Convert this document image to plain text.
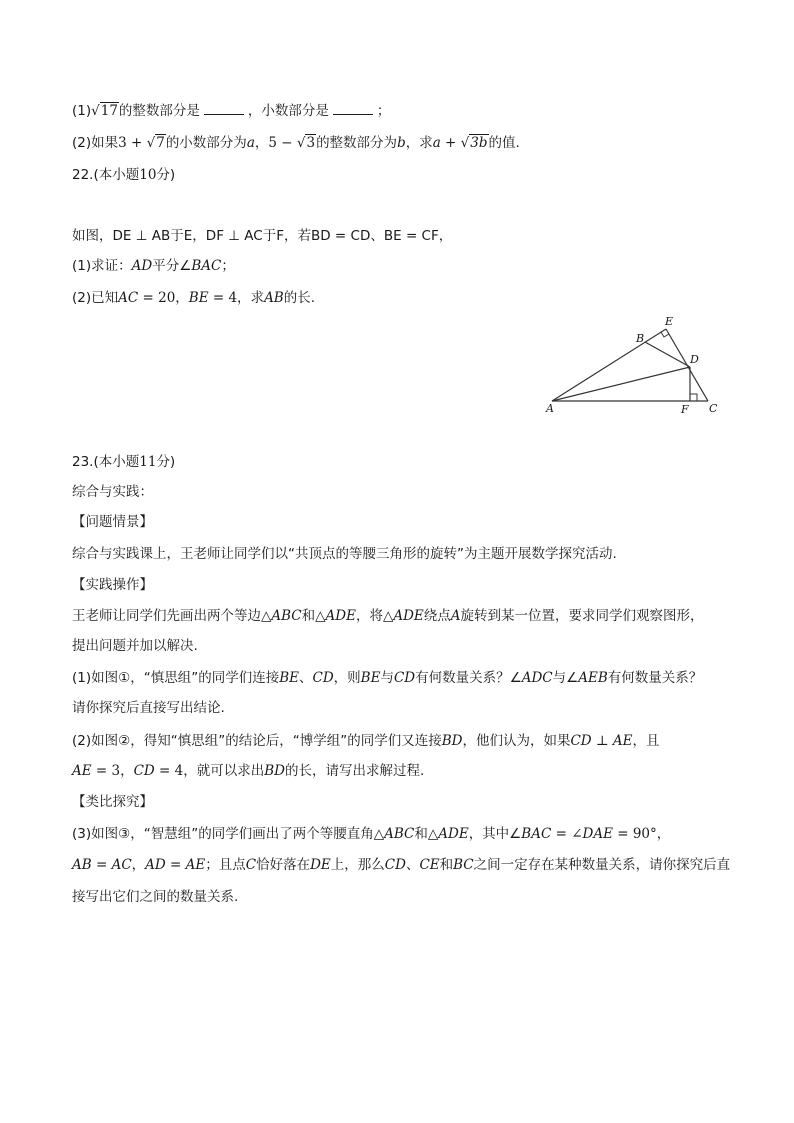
(1)√17的整数部分是	，小数部分是	；
(2)如果3 + √7的小数部分为a，5 − √3的整数部分为b，求a + √3b的值.
22.(本小题10分)
如图，DE ⊥ AB于E，DF ⊥ AC于F，若BD = CD、BE = CF，
(1)求证：AD平分∠BAC；
(2)已知AC = 20，BE = 4，求AB的长.
A
B
E
D
F C
23.(本小题11分)
综合与实践：
【问题情景】
综合与实践课上，王老师让同学们以“共顶点的等腰三角形的旋转”为主题开展数学探究活动.
【实践操作】
王老师让同学们先画出两个等边△ABC和△ADE，将△ADE绕点A旋转到某一位置，要求同学们观察图形，
提出问题并加以解决.
(1)如图①，“慎思组”的同学们连接BE、CD，则BE与CD有何数量关系？∠ADC与∠AEB有何数量关系？
请你探究后直接写出结论.
(2)如图②，得知“慎思组”的结论后，“博学组”的同学们又连接BD，他们认为，如果CD ⊥ AE，且
AE = 3，CD = 4，就可以求出BD的长，请写出求解过程.
【类比探究】
(3)如图③，“智慧组”的同学们画出了两个等腰直角△ABC和△ADE，其中∠BAC = ∠DAE = 90°，
AB = AC，AD = AE；且点C恰好落在DE上，那么CD、CE和BC之间一定存在某种数量关系，请你探究后直
接写出它们之间的数量关系.
